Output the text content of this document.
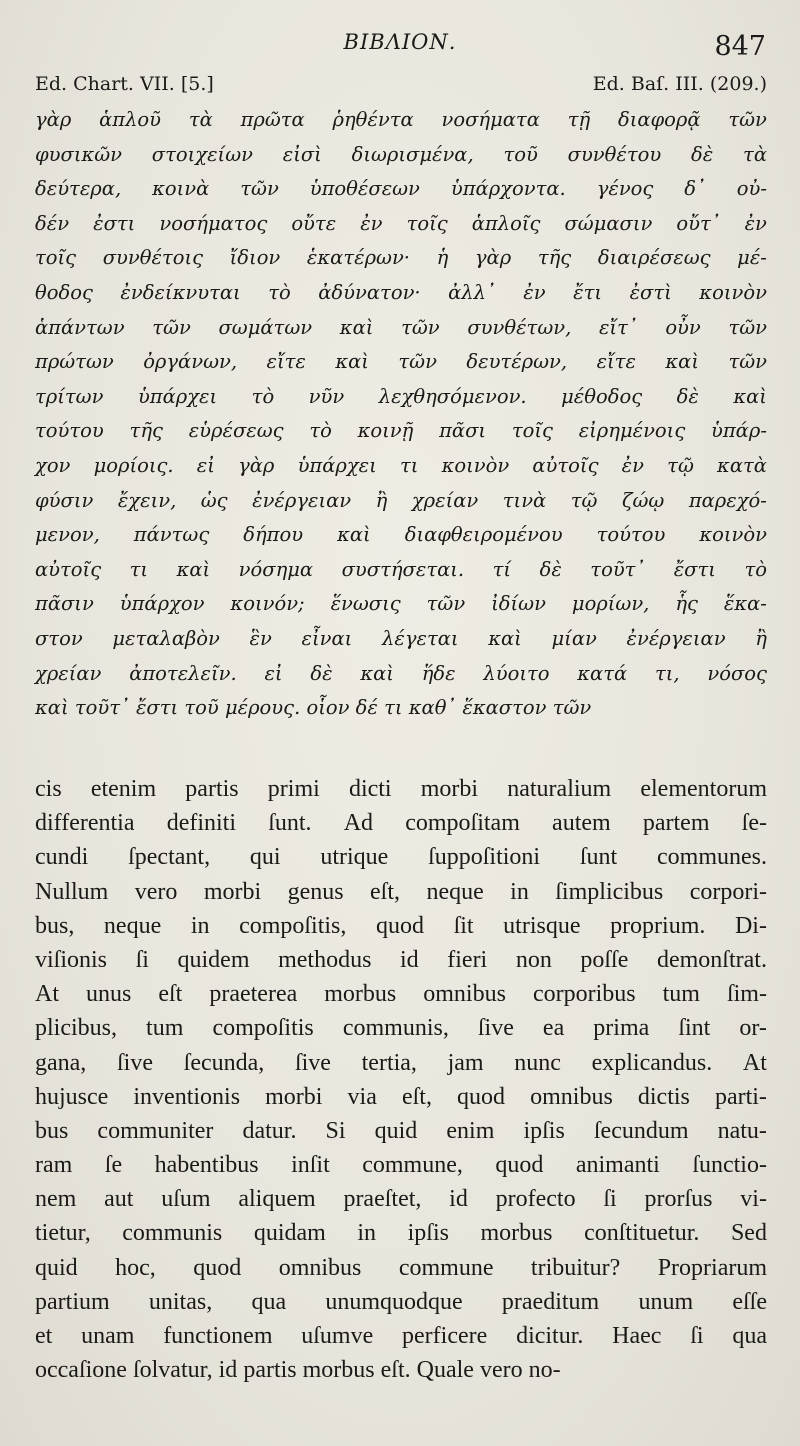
BIBΛΙΟΝ.	847
Ed. Chart. VII. [5.]	Ed. Baſ. III. (209.)
γὰρ ἁπλοῦ τὰ πρῶτα ῥηθέντα νοσήματα τῇ διαφορᾷ τῶν
φυσικῶν στοιχείων εἰσὶ διωρισμένα, τοῦ συνθέτου δὲ τὰ
δεύτερα, κοινὰ τῶν ὑποθέσεων ὑπάρχοντα. γένος δ᾽ οὐ-
δέν ἐστι νοσήματος οὔτε ἐν τοῖς ἁπλοῖς σώμασιν οὔτ᾽ ἐν
τοῖς συνθέτοις ἴδιον ἑκατέρων· ἡ γὰρ τῆς διαιρέσεως μέ-
θοδος ἐνδείκνυται τὸ ἀδύνατον· ἀλλ᾽ ἐν ἔτι ἐστὶ κοινὸν
ἁπάντων τῶν σωμάτων καὶ τῶν συνθέτων, εἴτ᾽ οὖν τῶν
πρώτων ὀργάνων, εἴτε καὶ τῶν δευτέρων, εἴτε καὶ τῶν
τρίτων ὑπάρχει τὸ νῦν λεχθησόμενον. μέθοδος δὲ καὶ
τούτου τῆς εὑρέσεως τὸ κοινῇ πᾶσι τοῖς εἰρημένοις ὑπάρ-
χον μορίοις. εἰ γὰρ ὑπάρχει τι κοινὸν αὐτοῖς ἐν τῷ κατὰ
φύσιν ἔχειν, ὡς ἐνέργειαν ἢ χρείαν τινὰ τῷ ζώῳ παρεχό-
μενον, πάντως δήπου καὶ διαφθειρομένου τούτου κοινὸν
αὐτοῖς τι καὶ νόσημα συστήσεται. τί δὲ τοῦτ᾽ ἔστι τὸ
πᾶσιν ὑπάρχον κοινόν; ἕνωσις τῶν ἰδίων μορίων, ἧς ἕκα-
στον μεταλαβὸν ἓν εἶναι λέγεται καὶ μίαν ἐνέργειαν ἢ
χρείαν ἀποτελεῖν. εἰ δὲ καὶ ἥδε λύοιτο κατά τι, νόσος
καὶ
τοῦτ᾽
ἔστι
τοῦ
μέρους.
οἷον
δέ
τι
καθ᾽
ἕκαστον
τῶν

cis etenim partis primi dicti morbi naturalium elementorum
differentia definiti ſunt. Ad compoſitam autem partem ſe-
cundi ſpectant, qui utrique ſuppoſitioni ſunt communes.
Nullum vero morbi genus eſt, neque in ſimplicibus corpori-
bus, neque in compoſitis, quod ſit utrisque proprium. Di-
viſionis ſi quidem methodus id fieri non poſſe demonſtrat.
At unus eſt praeterea morbus omnibus corporibus tum ſim-
plicibus, tum compoſitis communis, ſive ea prima ſint or-
gana, ſive ſecunda, ſive tertia, jam nunc explicandus. At
hujusce inventionis morbi via eſt, quod omnibus dictis parti-
bus communiter datur. Si quid enim ipſis ſecundum natu-
ram ſe habentibus inſit commune, quod animanti ſunctio-
nem aut uſum aliquem praeſtet, id profecto ſi prorſus vi-
tietur, communis quidam in ipſis morbus conſtituetur. Sed
quid hoc, quod omnibus commune tribuitur? Propriarum
partium unitas, qua unumquodque praeditum unum eſſe
et unam functionem uſumve perficere dicitur. Haec ſi qua
occaſione
ſolvatur,
id
partis
morbus
eſt.
Quale
vero
no-
